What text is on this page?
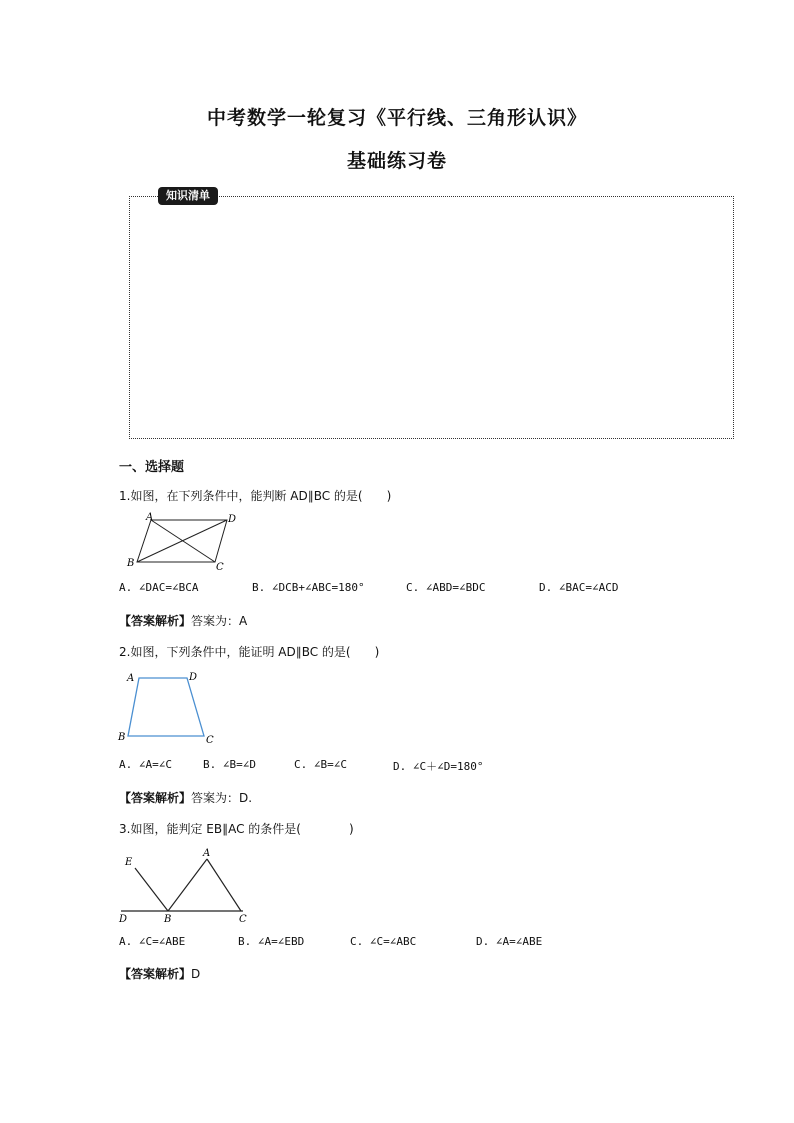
中考数学一轮复习《平行线、三角形认识》
基础练习卷
知识清单
一、选择题
1.如图，在下列条件中，能判断 AD∥BC 的是(　　)
A	D
B	C
A. ∠DAC=∠BCA	B. ∠DCB+∠ABC=180°	C. ∠ABD=∠BDC	D. ∠BAC=∠ACD
【答案解析】答案为：A
2.如图，下列条件中，能证明 AD∥BC 的是(　　)
A	D
B	C
A. ∠A=∠C	B. ∠B=∠D	C. ∠B=∠C	D. ∠C＋∠D=180°
【答案解析】答案为：D.
3.如图，能判定 EB∥AC 的条件是(　　　　)
E
A
D	B	C
A. ∠C=∠ABE	B. ∠A=∠EBD	C. ∠C=∠ABC	D. ∠A=∠ABE
【答案解析】D
